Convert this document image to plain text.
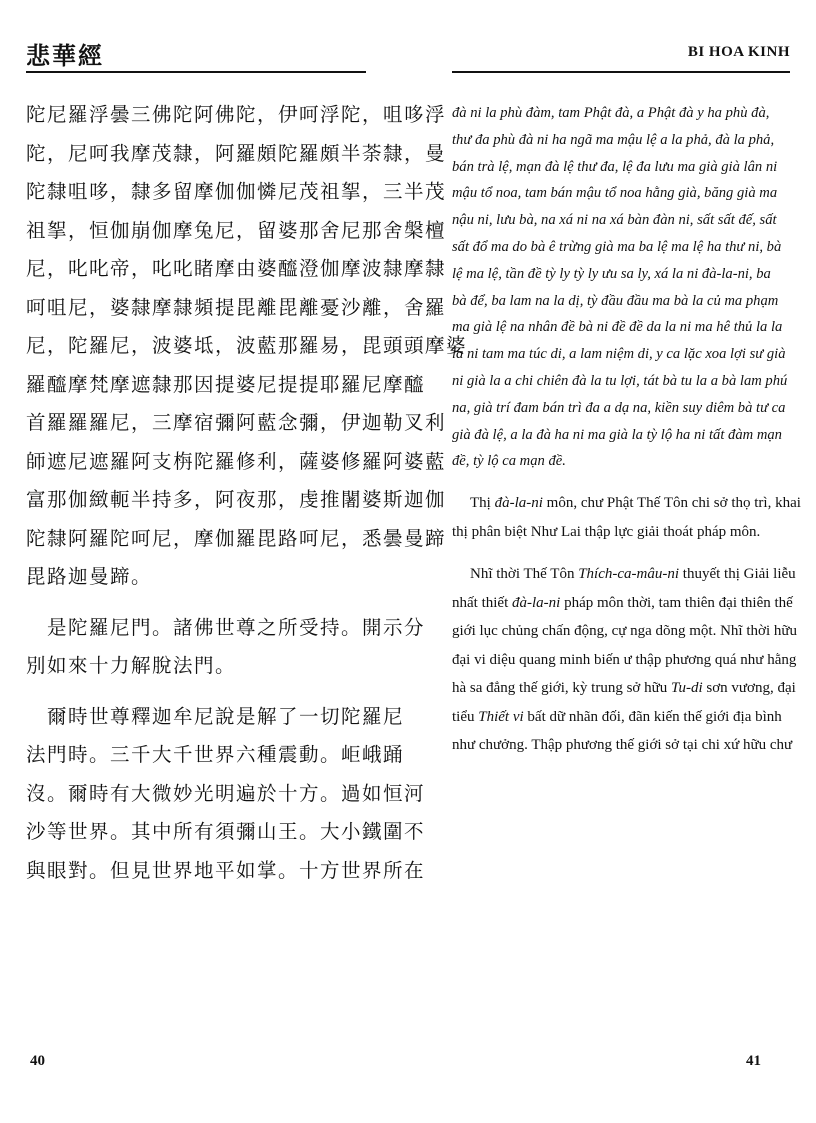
悲華經
陀尼羅浮曇三佛陀阿佛陀，伊呵浮陀，咀哆浮
陀，尼呵我摩茂隸，阿羅頗陀羅頗半荼隸，曼
陀隸咀哆，隸多留摩伽伽憐尼茂祖挐，三半茂
祖挐，恒伽崩伽摩兔尼，留婆那舍尼那舍槃檀
尼，叱叱帝，叱叱睹摩由婆醯澄伽摩波隸摩隸
呵咀尼，婆隸摩隸頻提毘離毘離憂沙離，舍羅
尼，陀羅尼，波婆坻，波藍那羅易，毘頭頭摩婆
羅醯摩梵摩遮隸那因提婆尼提提耶羅尼摩醯
首羅羅羅尼，三摩宿彌阿藍念彌，伊迦勒叉利
師遮尼遮羅阿支栴陀羅修利，薩婆修羅阿婆藍
富那伽緻軛半持多，阿夜那，虔推闍婆斯迦伽
陀隸阿羅陀呵尼，摩伽羅毘路呵尼，悉曇曼蹄
毘路迦曼蹄。
是陀羅尼門。諸佛世尊之所受持。開示分
別如來十力解脫法門。
爾時世尊釋迦牟尼說是解了一切陀羅尼
法門時。三千大千世界六種震動。岠峨踊
沒。爾時有大微妙光明遍於十方。過如恒河
沙等世界。其中所有須彌山王。大小鐵圍不
與眼對。但見世界地平如掌。十方世界所在
40
BI HOA KINH
đà ni la phù đàm, tam Phật đà, a Phật đà y ha phù đà,
thư đa phù đà ni ha ngã ma mậu lệ a la phả, đà la phả,
bán trà lệ, mạn đà lệ thư đa, lệ đa lưu ma già già lân ni
mậu tổ noa, tam bán mậu tổ noa hằng già, băng già ma
nậu ni, lưu bà, na xá ni na xá bàn đàn ni, sất sất đế, sất
sất đổ ma do bà ê trừng già ma ba lệ ma lệ ha thư ni, bà
lệ ma lệ, tần đề tỳ ly tỳ ly ưu sa ly, xá la ni đà-la-ni, ba
bà để, ba lam na la dị, tỳ đầu đầu ma bà la củ ma phạm
ma già lệ na nhân đề bà ni đề đề da la ni ma hê thủ la la
la ni tam ma túc di, a lam niệm di, y ca lặc xoa lợi sư già
ni già la a chi chiên đà la tu lợi, tát bà tu la a bà lam phú
na, già trí đam bán trì đa a dạ na, kiền suy diêm bà tư ca
già đà lệ, a la đà ha ni ma già la tỳ lộ ha ni tất đàm mạn
đề, tỳ lộ ca mạn đề.
Thị đà-la-ni môn, chư Phật Thế Tôn chi sở thọ trì, khai
thị phân biệt Như Lai thập lực giải thoát pháp môn.
Nhĩ thời Thế Tôn Thích-ca-mâu-ni thuyết thị Giải liễu
nhất thiết đà-la-ni pháp môn thời, tam thiên đại thiên thế
giới lục chủng chấn động, cự nga dõng một. Nhĩ thời hữu
đại vi diệu quang minh biến ư thập phương quá như hằng
hà sa đẳng thế giới, kỳ trung sở hữu Tu-di sơn vương, đại
tiểu Thiết vi bất dữ nhãn đối, đãn kiến thế giới địa bình
như chưởng. Thập phương thế giới sở tại chi xứ hữu chư
41
